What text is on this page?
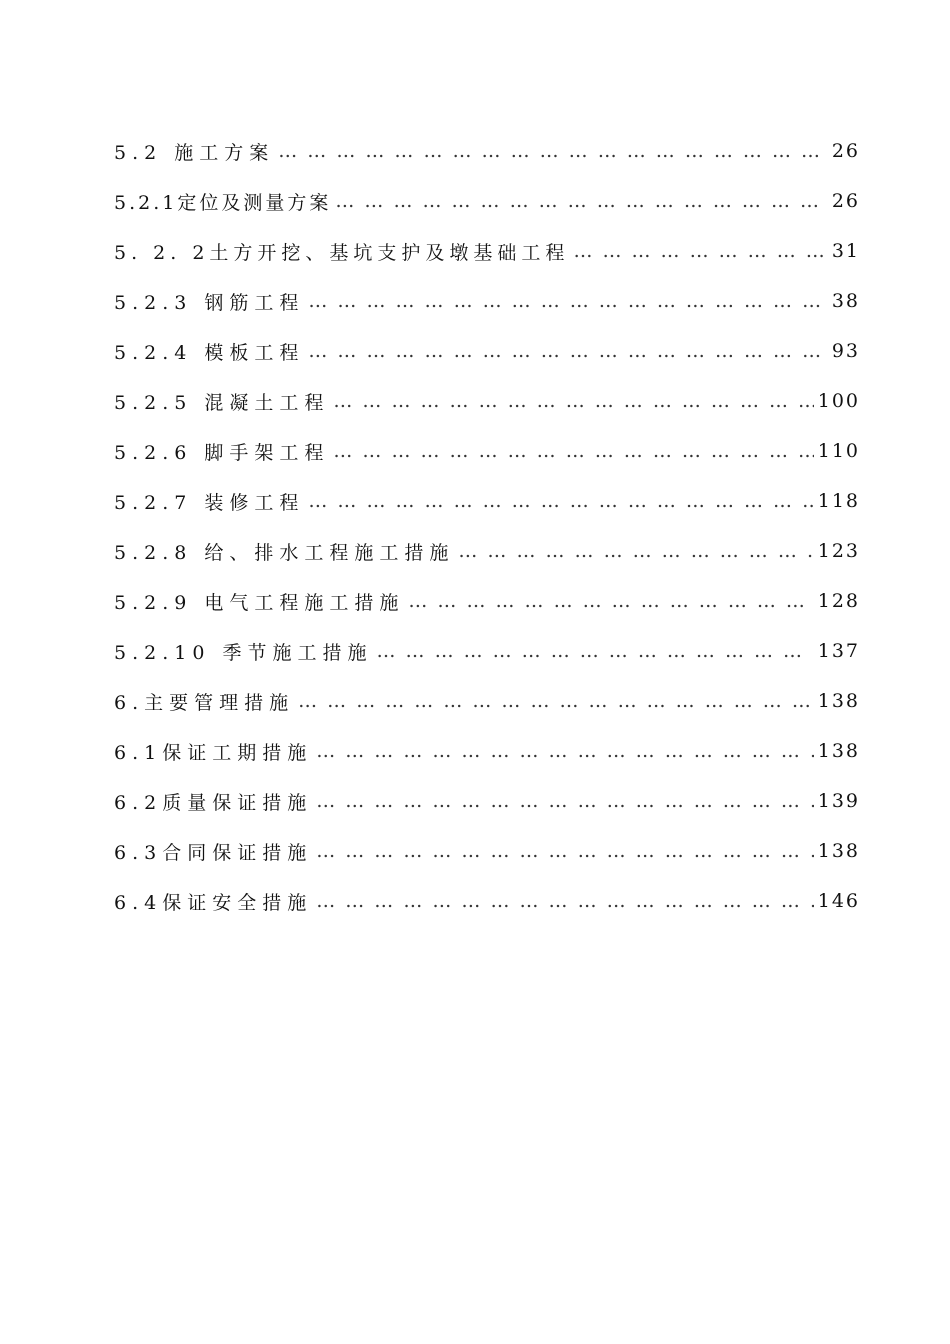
5.2 施工方案 … … … … … … … … … … … … … … … … … … … … … … … … … … … … … … … … … … … … … … … … … … … …	26
5.2.1定位及测量方案 … … … … … … … … … … … … … … … … … … … … … … … … … … … … … … … … … … … … … … … … … … … …	26
5. 2. 2土方开挖、基坑支护及墩基础工程 … … … … … … … … … … … … … … … … … … … … … … … … … … … … … … … … … … … … … … … … … … … …	31
5.2.3 钢筋工程 … … … … … … … … … … … … … … … … … … … … … … … … … … … … … … … … … … … … … … … … … … … …	38
5.2.4 模板工程 … … … … … … … … … … … … … … … … … … … … … … … … … … … … … … … … … … … … … … … … … … … …	93
5.2.5 混凝土工程 … … … … … … … … … … … … … … … … … … … … … … … … … … … … … … … … … … … … … … … … … … … …	100
5.2.6 脚手架工程 … … … … … … … … … … … … … … … … … … … … … … … … … … … … … … … … … … … … … … … … … … … …	110
5.2.7 装修工程 … … … … … … … … … … … … … … … … … … … … … … … … … … … … … … … … … … … … … … … … … … … …	118
5.2.8 给、排水工程施工措施 … … … … … … … … … … … … … … … … … … … … … … … … … … … … … … … … … … … … … … … … … … … …	123
5.2.9 电气工程施工措施 … … … … … … … … … … … … … … … … … … … … … … … … … … … … … … … … … … … … … … … … … … … …	128
5.2.10 季节施工措施 … … … … … … … … … … … … … … … … … … … … … … … … … … … … … … … … … … … … … … … … … … … …	137
6.主要管理措施 … … … … … … … … … … … … … … … … … … … … … … … … … … … … … … … … … … … … … … … … … … … …	138
6.1保证工期措施 … … … … … … … … … … … … … … … … … … … … … … … … … … … … … … … … … … … … … … … … … … … …	138
6.2质量保证措施 … … … … … … … … … … … … … … … … … … … … … … … … … … … … … … … … … … … … … … … … … … … …	139
6.3合同保证措施 … … … … … … … … … … … … … … … … … … … … … … … … … … … … … … … … … … … … … … … … … … … …	138
6.4保证安全措施 … … … … … … … … … … … … … … … … … … … … … … … … … … … … … … … … … … … … … … … … … … … …	146
